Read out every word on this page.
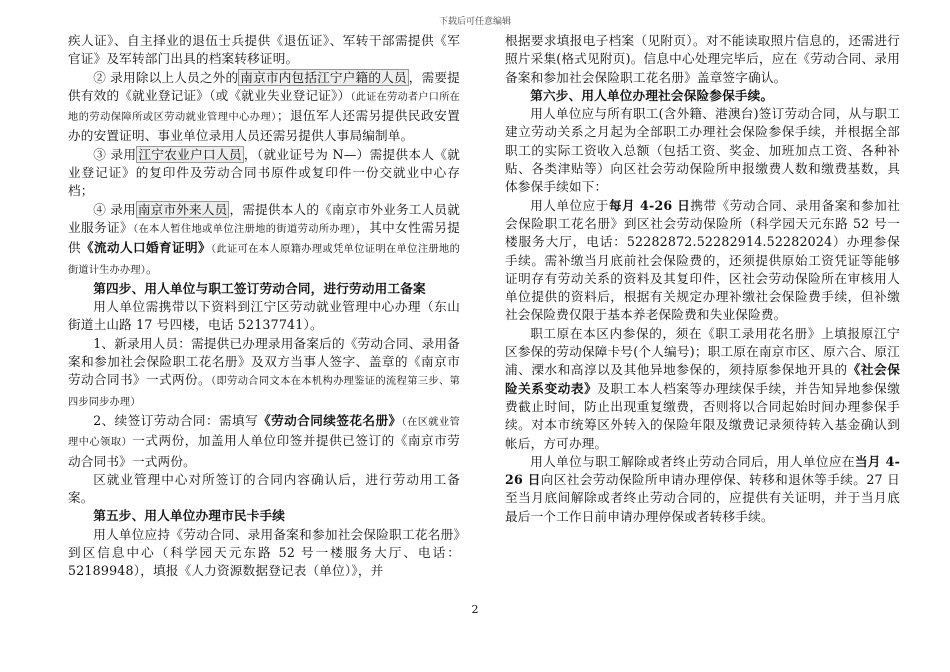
下载后可任意编辑

疾人证》、自主择业的退伍士兵提供《退伍证》、军转干部需提供《军官证》及军转部门出具的档案转移证明。

② 录用除以上人员之外的 南京市内包括江宁户籍的人员 ，需要提供有效的《就业登记证》（或《就业失业登记证》）（此证在劳动者户口所在地的劳动保障所或区劳动就业管理中心办理）；退伍军人还需另提供民政安置办的安置证明、事业单位录用人员还需另提供人事局编制单。

③ 录用 江宁农业户口人员 ，（就业证号为 N—）需提供本人《就业登记证》的复印件及劳动合同书原件或复印件一份交就业中心存档；

④ 录用 南京市外来人员 ，需提供本人的《南京市外业务工人员就业服务证》（在本人暂住地或单位注册地的街道劳动所办理），其中女性需另提供《流动人口婚育证明》（此证可在本人原籍办理或凭单位证明在单位注册地的街道计生办办理）。

第四步、用人单位与职工签订劳动合同，进行劳动用工备案

用人单位需携带以下资料到江宁区劳动就业管理中心办理（东山街道土山路 17 号四楼，电话 52137741）。

1、新录用人员：需提供已办理录用备案后的《劳动合同、录用备案和参加社会保险职工花名册》及双方当事人签字、盖章的《南京市劳动合同书》一式两份。（即劳动合同文本在本机构办理鉴证的流程第三步、第四步同步办理）

2、续签订劳动合同：需填写《劳动合同续签花名册》（在区就业管理中心领取）一式两份，加盖用人单位印签并提供已签订的《南京市劳动合同书》一式两份。

区就业管理中心对所签订的合同内容确认后，进行劳动用工备案。

第五步、用人单位办理市民卡手续

用人单位应持《劳动合同、录用备案和参加社会保险职工花名册》到区信息中心（科学园天元东路 52 号一楼服务大厅、电话：52189948），填报《人力资源数据登记表（单位）》，并

根据要求填报电子档案（见附页）。对不能读取照片信息的，还需进行照片采集(格式见附页)。信息中心处理完毕后，应在《劳动合同、录用备案和参加社会保险职工花名册》盖章签字确认。

第六步、用人单位办理社会保险参保手续。

用人单位应与所有职工(含外籍、港澳台)签订劳动合同，从与职工建立劳动关系之月起为全部职工办理社会保险参保手续，并根据全部职工的实际工资收入总额（包括工资、奖金、加班加点工资、各种补贴、各类津贴等）向区社会劳动保险所申报缴费人数和缴费基数，具体参保手续如下：

用人单位应于每月 4-26 日携带《劳动合同、录用备案和参加社会保险职工花名册》到区社会劳动保险所（科学园天元东路 52 号一楼服务大厅，电话：52282872.52282914.52282024）办理参保手续。需补缴当月底前社会保险费的，还须提供原始工资凭证等能够证明存有劳动关系的资料及其复印件，区社会劳动保险所在审核用人单位提供的资料后，根据有关规定办理补缴社会保险费手续，但补缴社会保险费仅限于基本养老保险费和失业保险费。

职工原在本区内参保的，须在《职工录用花名册》上填报原江宁区参保的劳动保障卡号(个人编号)；职工原在南京市区、原六合、原江浦、溧水和高淳以及其他异地参保的，须持原参保地开具的《社会保险关系变动表》及职工本人档案等办理续保手续，并告知异地参保缴费截止时间，防止出现重复缴费，否则将以合同起始时间办理参保手续。对本市统筹区外转入的保险年限及缴费记录须待转入基金确认到帐后，方可办理。

用人单位与职工解除或者终止劳动合同后，用人单位应在当月 4-26 日向区社会劳动保险所申请办理停保、转移和退休等手续。27 日至当月底间解除或者终止劳动合同的，应提供有关证明，并于当月底最后一个工作日前申请办理停保或者转移手续。

2
